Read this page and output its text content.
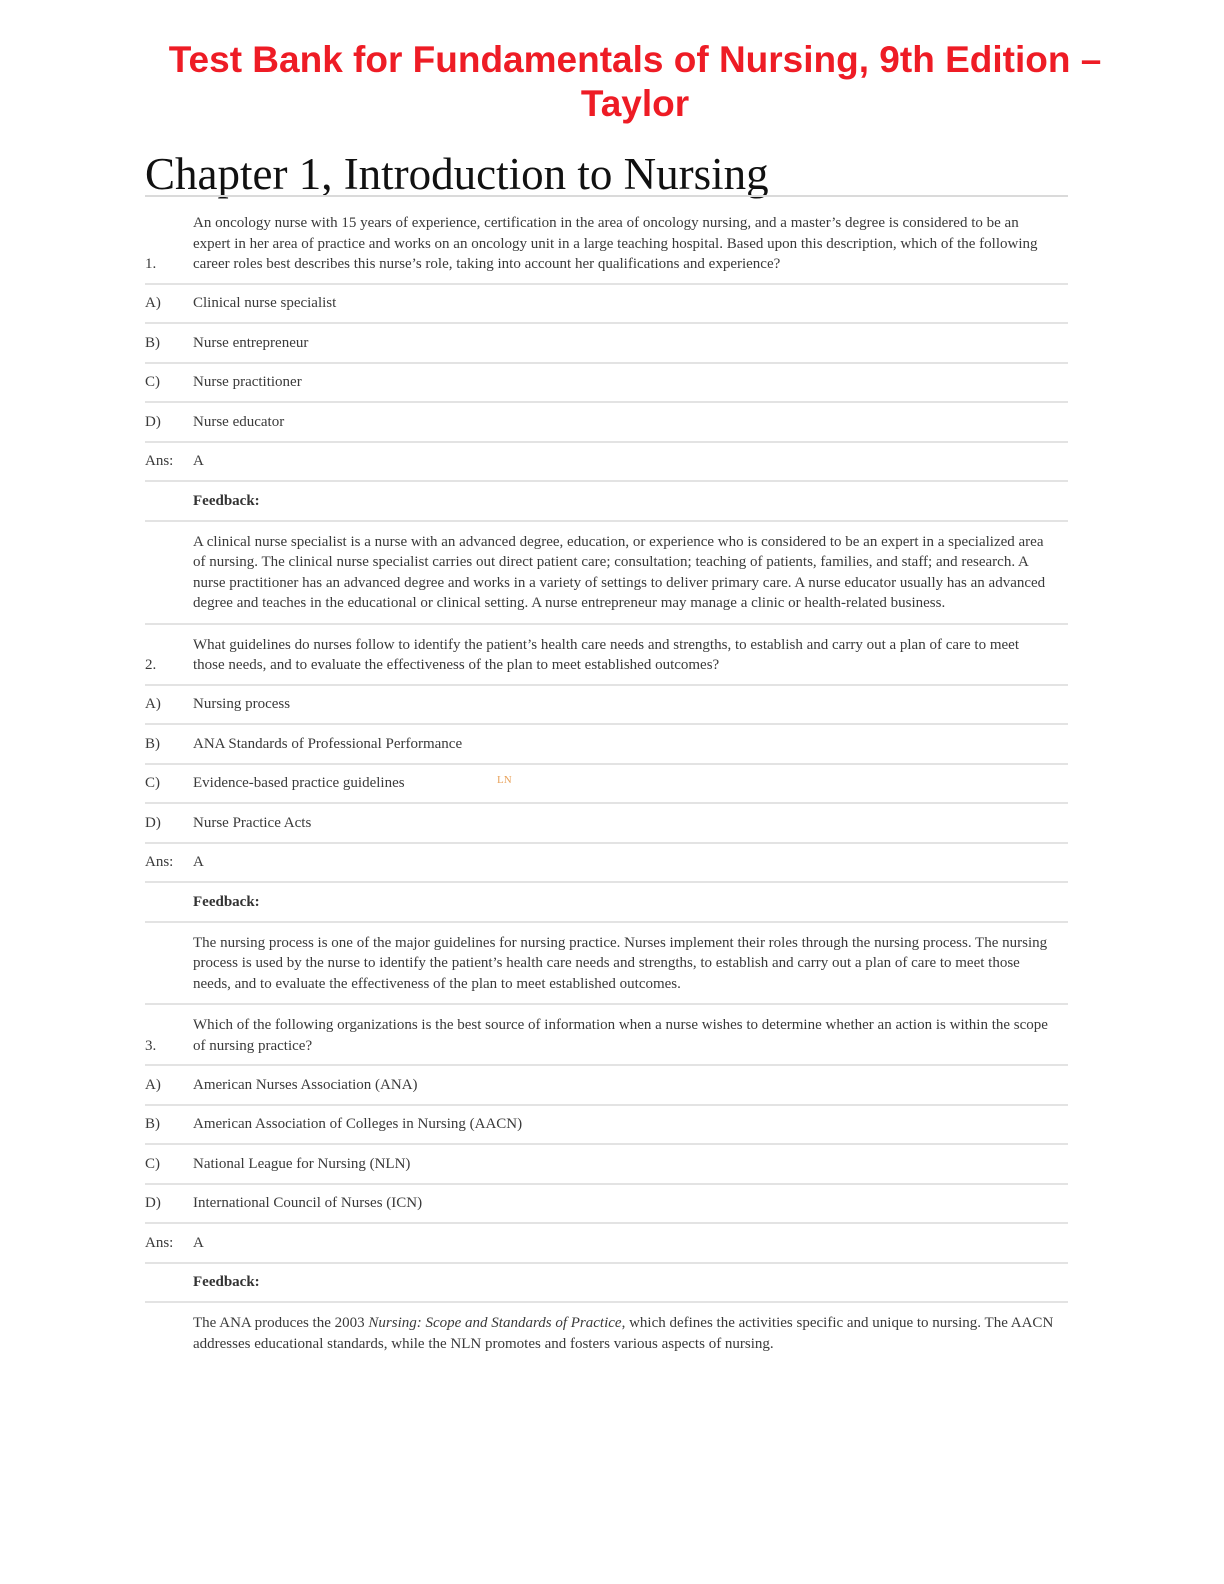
Test Bank for Fundamentals of Nursing, 9th Edition –
Taylor
Chapter 1, Introduction to Nursing
1.
An oncology nurse with 15 years of experience, certification in the area of oncology nursing, and a master’s degree is considered to be an expert in her area of practice and works on an oncology unit in a large teaching hospital. Based upon this description, which of the following career roles best describes this nurse’s role, taking into account her qualifications and experience?
A)	Clinical nurse specialist
B)	Nurse entrepreneur
C)	Nurse practitioner
D)	Nurse educator
Ans:	A
Feedback:
A clinical nurse specialist is a nurse with an advanced degree, education, or experience who is considered to be an expert in a specialized area of nursing. The clinical nurse specialist carries out direct patient care; consultation; teaching of patients, families, and staff; and research. A nurse practitioner has an advanced degree and works in a variety of settings to deliver primary care. A nurse educator usually has an advanced degree and teaches in the educational or clinical setting. A nurse entrepreneur may manage a clinic or health-related business.
2.
What guidelines do nurses follow to identify the patient’s health care needs and strengths, to establish and carry out a plan of care to meet those needs, and to evaluate the effectiveness of the plan to meet established outcomes?
A)	Nursing process
B)	ANA Standards of Professional Performance
C)	Evidence-based practice guidelines
D)	Nurse Practice Acts
Ans:	A
Feedback:
The nursing process is one of the major guidelines for nursing practice. Nurses implement their roles through the nursing process. The nursing process is used by the nurse to identify the patient’s health care needs and strengths, to establish and carry out a plan of care to meet those needs, and to evaluate the effectiveness of the plan to meet established outcomes.
3.
Which of the following organizations is the best source of information when a nurse wishes to determine whether an action is within the scope of nursing practice?
A)	American Nurses Association (ANA)
B)	American Association of Colleges in Nursing (AACN)
C)	National League for Nursing (NLN)
D)	International Council of Nurses (ICN)
Ans:	A
Feedback:
The ANA produces the 2003 Nursing: Scope and Standards of Practice, which defines the activities specific and unique to nursing. The AACN addresses educational standards, while the NLN promotes and fosters various aspects of nursing.
LN
